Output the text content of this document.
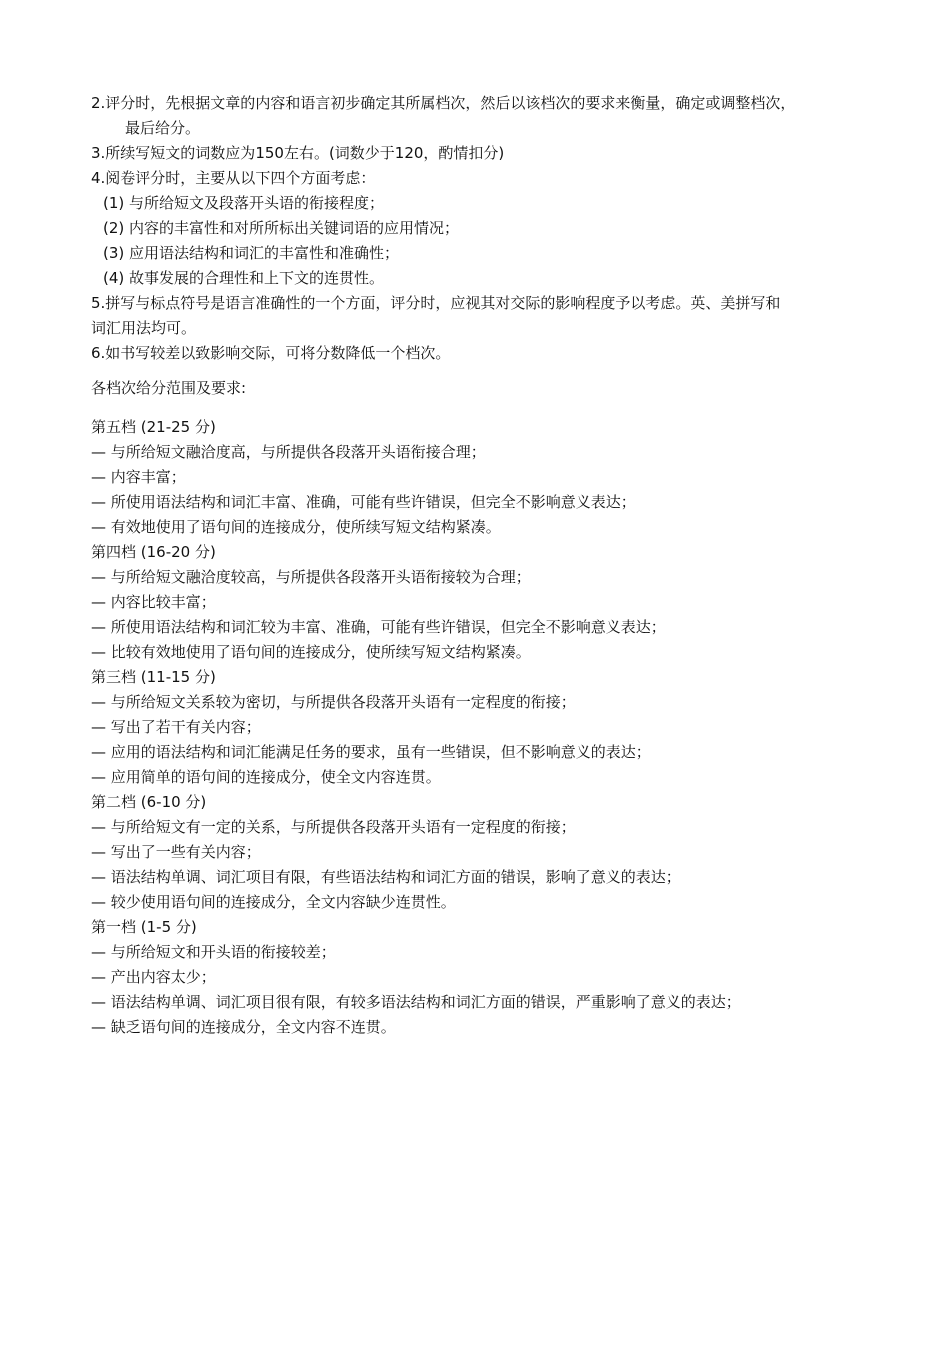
2.评分时，先根据文章的内容和语言初步确定其所属档次，然后以该档次的要求来衡量，确定或调整档次，
最后给分。
3.所续写短文的词数应为150左右。(词数少于120，酌情扣分)
4.阅卷评分时，主要从以下四个方面考虑：
(1) 与所给短文及段落开头语的衔接程度；
(2) 内容的丰富性和对所所标出关键词语的应用情况；
(3) 应用语法结构和词汇的丰富性和准确性；
(4) 故事发展的合理性和上下文的连贯性。
5.拼写与标点符号是语言准确性的一个方面，评分时，应视其对交际的影响程度予以考虑。英、美拼写和
词汇用法均可。
6.如书写较差以致影响交际，可将分数降低一个档次。
各档次给分范围及要求:
第五档 (21-25 分)
— 与所给短文融洽度高，与所提供各段落开头语衔接合理；
— 内容丰富；
— 所使用语法结构和词汇丰富、准确，可能有些许错误，但完全不影响意义表达；
— 有效地使用了语句间的连接成分，使所续写短文结构紧凑。
第四档 (16-20 分)
— 与所给短文融洽度较高，与所提供各段落开头语衔接较为合理；
— 内容比较丰富；
— 所使用语法结构和词汇较为丰富、准确，可能有些许错误，但完全不影响意义表达；
— 比较有效地使用了语句间的连接成分，使所续写短文结构紧凑。
第三档 (11-15 分)
— 与所给短文关系较为密切，与所提供各段落开头语有一定程度的衔接；
— 写出了若干有关内容；
— 应用的语法结构和词汇能满足任务的要求，虽有一些错误，但不影响意义的表达；
— 应用简单的语句间的连接成分，使全文内容连贯。
第二档 (6-10 分)
— 与所给短文有一定的关系，与所提供各段落开头语有一定程度的衔接；
— 写出了一些有关内容；
— 语法结构单调、词汇项目有限，有些语法结构和词汇方面的错误，影响了意义的表达；
— 较少使用语句间的连接成分，全文内容缺少连贯性。
第一档 (1-5 分)
— 与所给短文和开头语的衔接较差；
— 产出内容太少；
— 语法结构单调、词汇项目很有限，有较多语法结构和词汇方面的错误，严重影响了意义的表达；
— 缺乏语句间的连接成分，全文内容不连贯。
